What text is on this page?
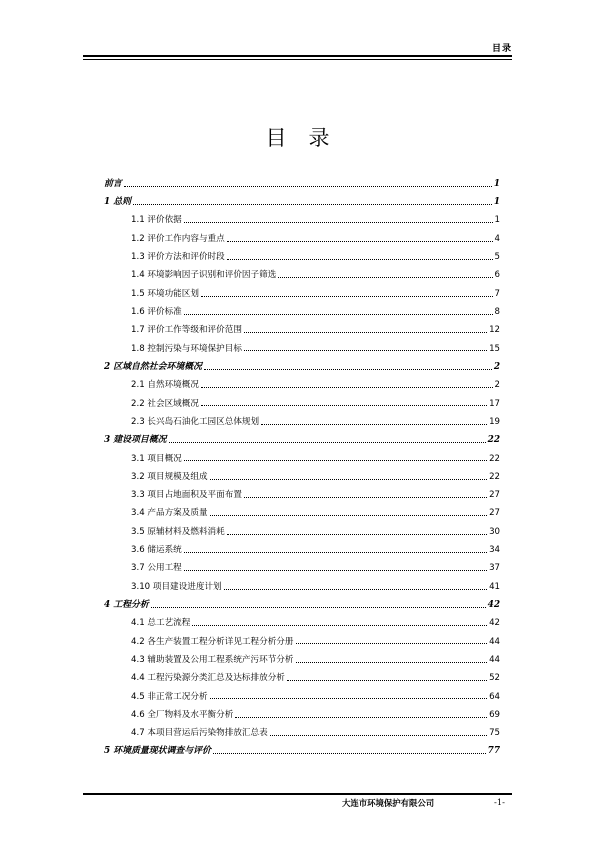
目录
目录
前言	1
1 总则	1
1.1 评价依据	1
1.2 评价工作内容与重点	4
1.3 评价方法和评价时段	5
1.4 环境影响因子识别和评价因子筛选	6
1.5 环境功能区划	7
1.6 评价标准	8
1.7 评价工作等级和评价范围	12
1.8 控制污染与环境保护目标	15
2 区域自然社会环境概况	2
2.1 自然环境概况	2
2.2 社会区域概况	17
2.3 长兴岛石油化工园区总体规划	19
3 建设项目概况	22
3.1 项目概况	22
3.2 项目规模及组成	22
3.3 项目占地面积及平面布置	27
3.4 产品方案及质量	27
3.5 原辅材料及燃料消耗	30
3.6 储运系统	34
3.7 公用工程	37
3.10 项目建设进度计划	41
4 工程分析	42
4.1 总工艺流程	42
4.2 各生产装置工程分析详见工程分析分册	44
4.3 辅助装置及公用工程系统产污环节分析	44
4.4 工程污染源分类汇总及达标排放分析	52
4.5 非正常工况分析	64
4.6 全厂物料及水平衡分析	69
4.7 本项目营运后污染物排放汇总表	75
5 环境质量现状调查与评价	77
大连市环境保护有限公司	-1-
